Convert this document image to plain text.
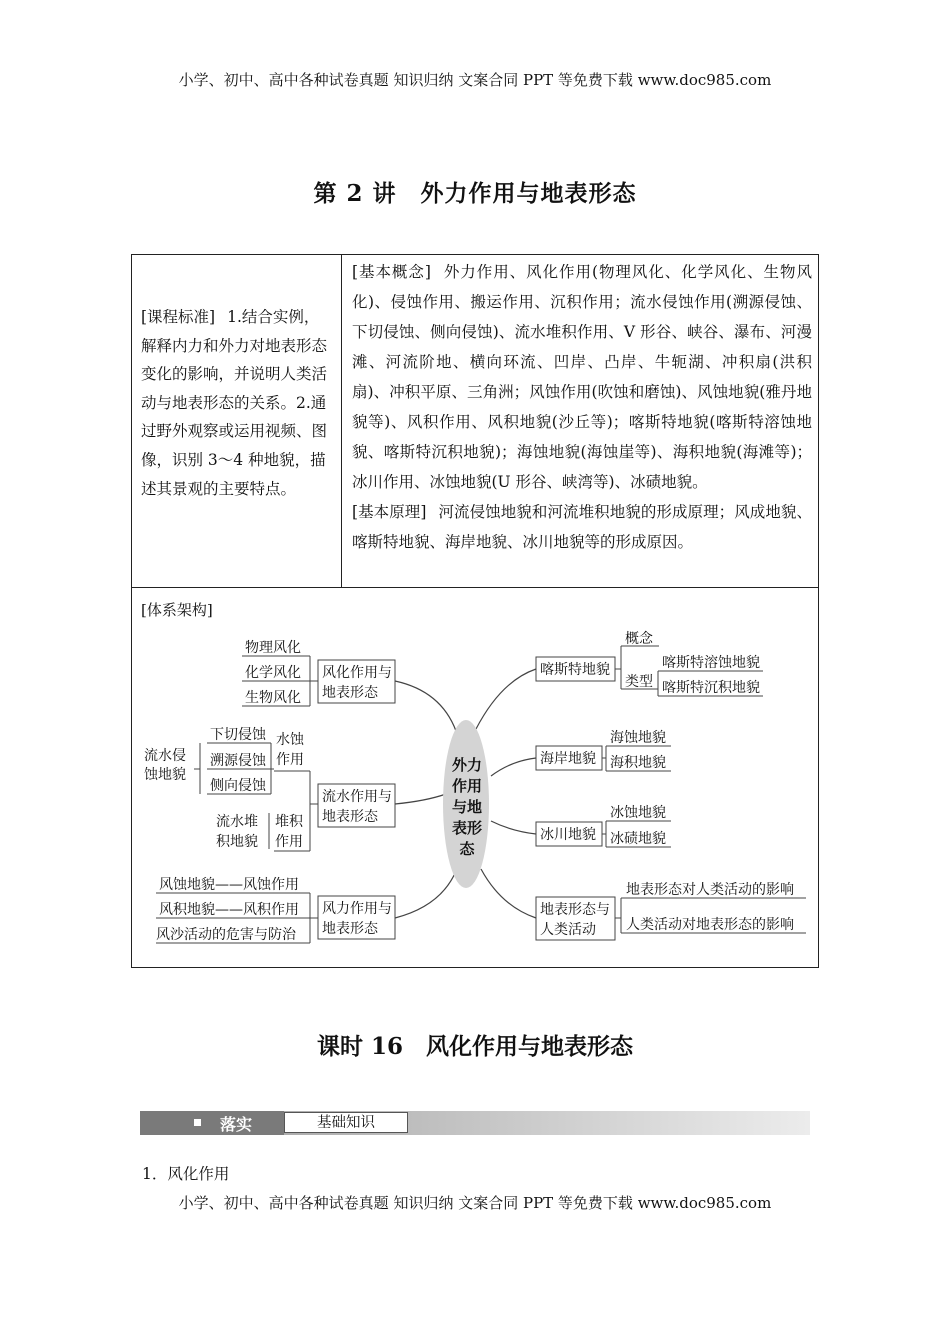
小学、初中、高中各种试卷真题 知识归纳 文案合同 PPT 等免费下载 www.doc985.com
第 2 讲　外力作用与地表形态
[课程标准] 1.结合实例，解释内力和外力对地表形态变化的影响，并说明人类活动与地表形态的关系。2.通过野外观察或运用视频、图像，识别 3～4 种地貌，描述其景观的主要特点。

[基本概念] 外力作用、风化作用(物理风化、化学风化、生物风化)、侵蚀作用、搬运作用、沉积作用；流水侵蚀作用(溯源侵蚀、下切侵蚀、侧向侵蚀)、流水堆积作用、V 形谷、峡谷、瀑布、河漫滩、河流阶地、横向环流、凹岸、凸岸、牛轭湖、冲积扇(洪积扇)、冲积平原、三角洲；风蚀作用(吹蚀和磨蚀)、风蚀地貌(雅丹地貌等)、风积作用、风积地貌(沙丘等)；喀斯特地貌(喀斯特溶蚀地貌、喀斯特沉积地貌)；海蚀地貌(海蚀崖等)、海积地貌(海滩等)；冰川作用、冰蚀地貌(U 形谷、峡湾等)、冰碛地貌。

[基本原理] 河流侵蚀地貌和河流堆积地貌的形成原理；风成地貌、喀斯特地貌、海岸地貌、冰川地貌等的形成原因。

[体系架构]
外力
作用
与地
表形
态
风化作用与
地表形态
流水作用与
地表形态
风力作用与
地表形态
喀斯特地貌
海岸地貌
冰川地貌
地表形态与
人类活动
物理风化
化学风化
生物风化
流水侵
蚀地貌
下切侵蚀
溯源侵蚀
侧向侵蚀
水蚀
作用
流水堆
积地貌
堆积
作用
风蚀地貌——风蚀作用
风积地貌——风积作用
风沙活动的危害与防治
概念
类型
喀斯特溶蚀地貌
喀斯特沉积地貌
海蚀地貌
海积地貌
冰蚀地貌
冰碛地貌
地表形态对人类活动的影响
人类活动对地表形态的影响
课时 16　风化作用与地表形态
落实	基础知识
1．风化作用
小学、初中、高中各种试卷真题 知识归纳 文案合同 PPT 等免费下载 www.doc985.com
